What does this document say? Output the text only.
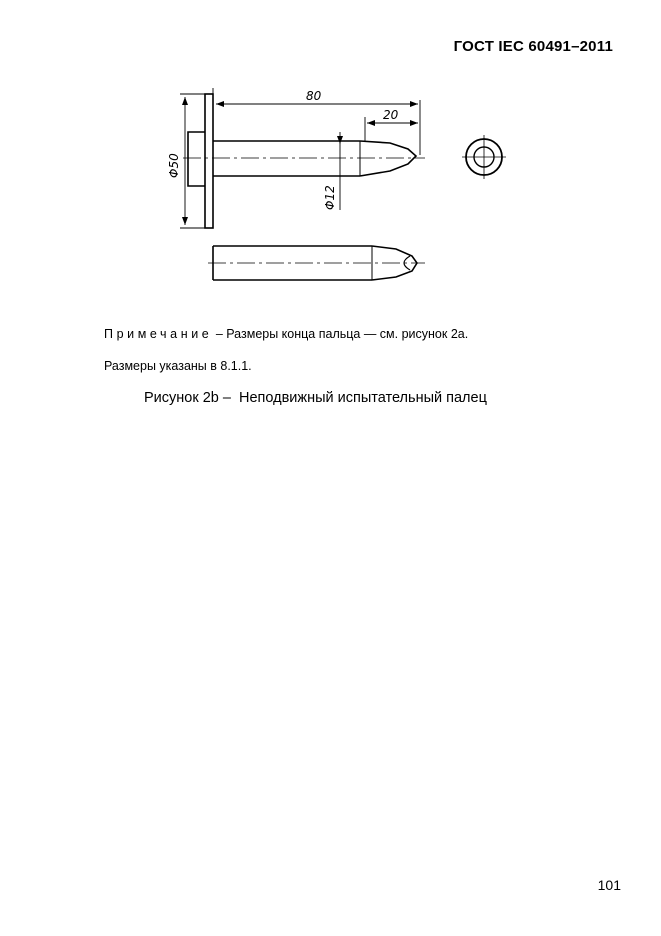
ГОСТ IEC 60491–2011
80
20
Φ50
Φ12
Примечание – Размеры конца пальца — см. рисунок 2а.
Размеры указаны в 8.1.1.
Рисунок 2b –  Неподвижный испытательный палец
101
